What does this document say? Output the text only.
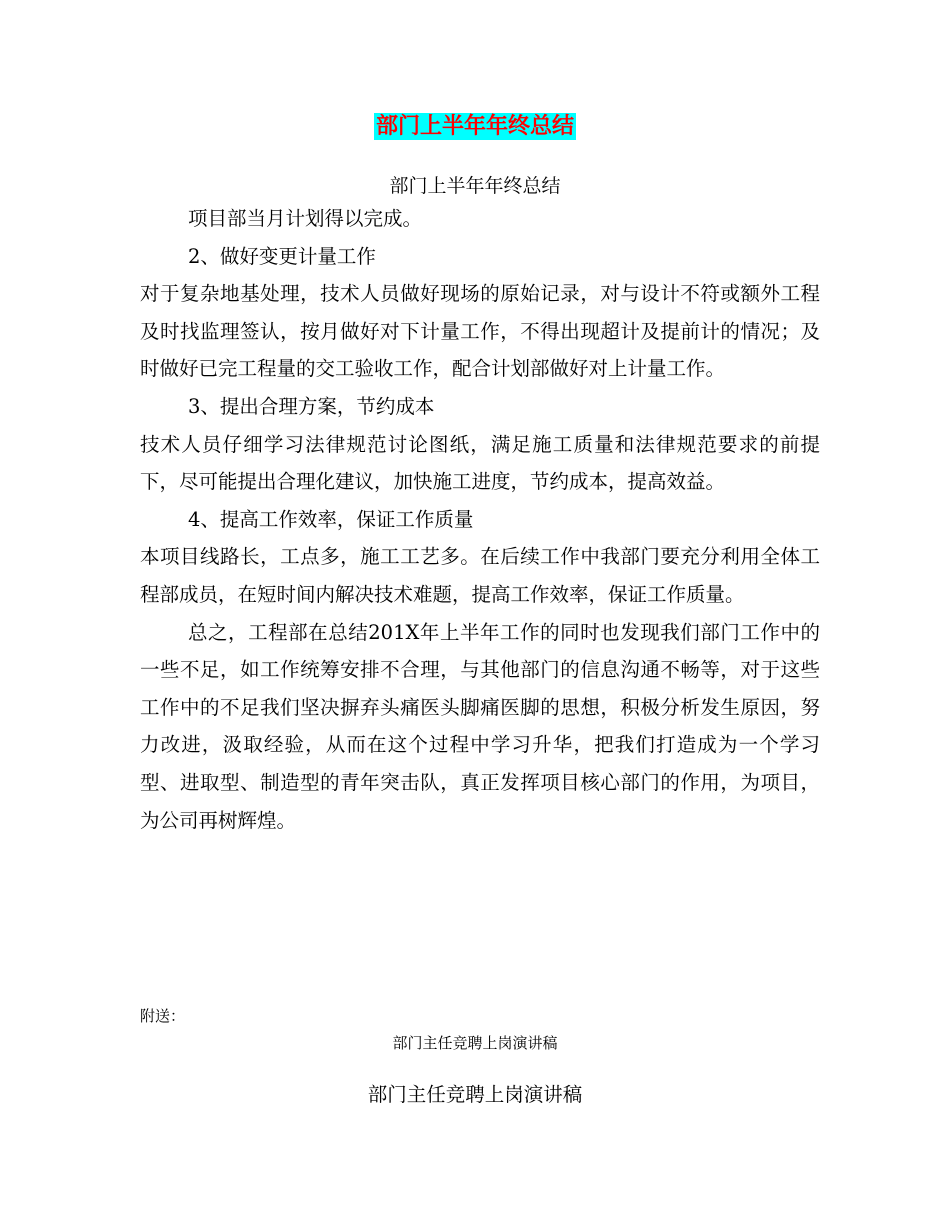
部门上半年年终总结
部门上半年年终总结

项目部当月计划得以完成。

2、做好变更计量工作

对于复杂地基处理，技术人员做好现场的原始记录，对与设计不符或额外工程及时找监理签认，按月做好对下计量工作，不得出现超计及提前计的情况；及时做好已完工程量的交工验收工作，配合计划部做好对上计量工作。

3、提出合理方案，节约成本

技术人员仔细学习法律规范讨论图纸，满足施工质量和法律规范要求的前提下，尽可能提出合理化建议，加快施工进度，节约成本，提高效益。

4、提高工作效率，保证工作质量

本项目线路长，工点多，施工工艺多。在后续工作中我部门要充分利用全体工程部成员，在短时间内解决技术难题，提高工作效率，保证工作质量。

总之，工程部在总结201X年上半年工作的同时也发现我们部门工作中的一些不足，如工作统筹安排不合理，与其他部门的信息沟通不畅等，对于这些工作中的不足我们坚决摒弃头痛医头脚痛医脚的思想，积极分析发生原因，努力改进，汲取经验，从而在这个过程中学习升华，把我们打造成为一个学习型、进取型、制造型的青年突击队，真正发挥项目核心部门的作用，为项目，为公司再树辉煌。

附送：
部门主任竞聘上岗演讲稿
部门主任竞聘上岗演讲稿
